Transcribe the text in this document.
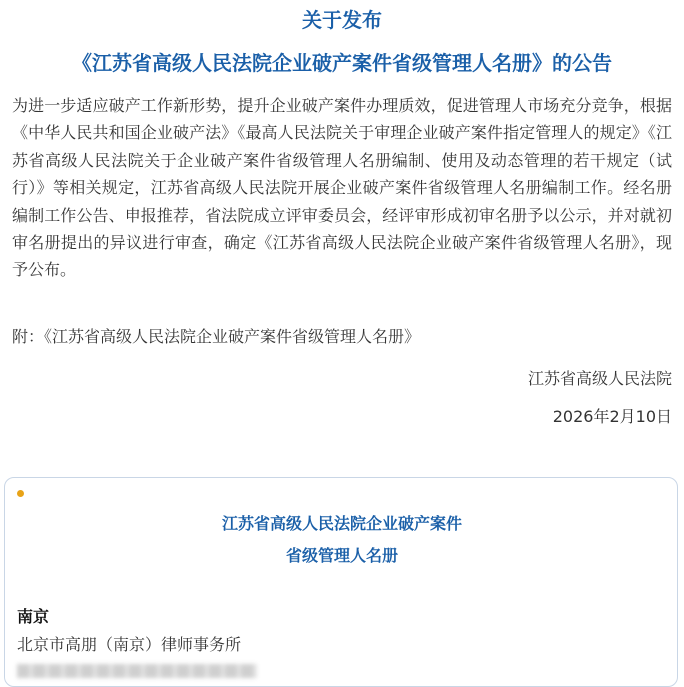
关于发布
《江苏省高级人民法院企业破产案件省级管理人名册》的公告
为进一步适应破产工作新形势，提升企业破产案件办理质效，促进管理人市场充分竞争，根据《中华人民共和国企业破产法》《最高人民法院关于审理企业破产案件指定管理人的规定》《江苏省高级人民法院关于企业破产案件省级管理人名册编制、使用及动态管理的若干规定（试行）》等相关规定，江苏省高级人民法院开展企业破产案件省级管理人名册编制工作。经名册编制工作公告、申报推荐，省法院成立评审委员会，经评审形成初审名册予以公示，并对就初审名册提出的异议进行审查，确定《江苏省高级人民法院企业破产案件省级管理人名册》，现予公布。
附：《江苏省高级人民法院企业破产案件省级管理人名册》
江苏省高级人民法院
2026年2月10日
江苏省高级人民法院企业破产案件
省级管理人名册
南京
北京市高朋（南京）律师事务所
